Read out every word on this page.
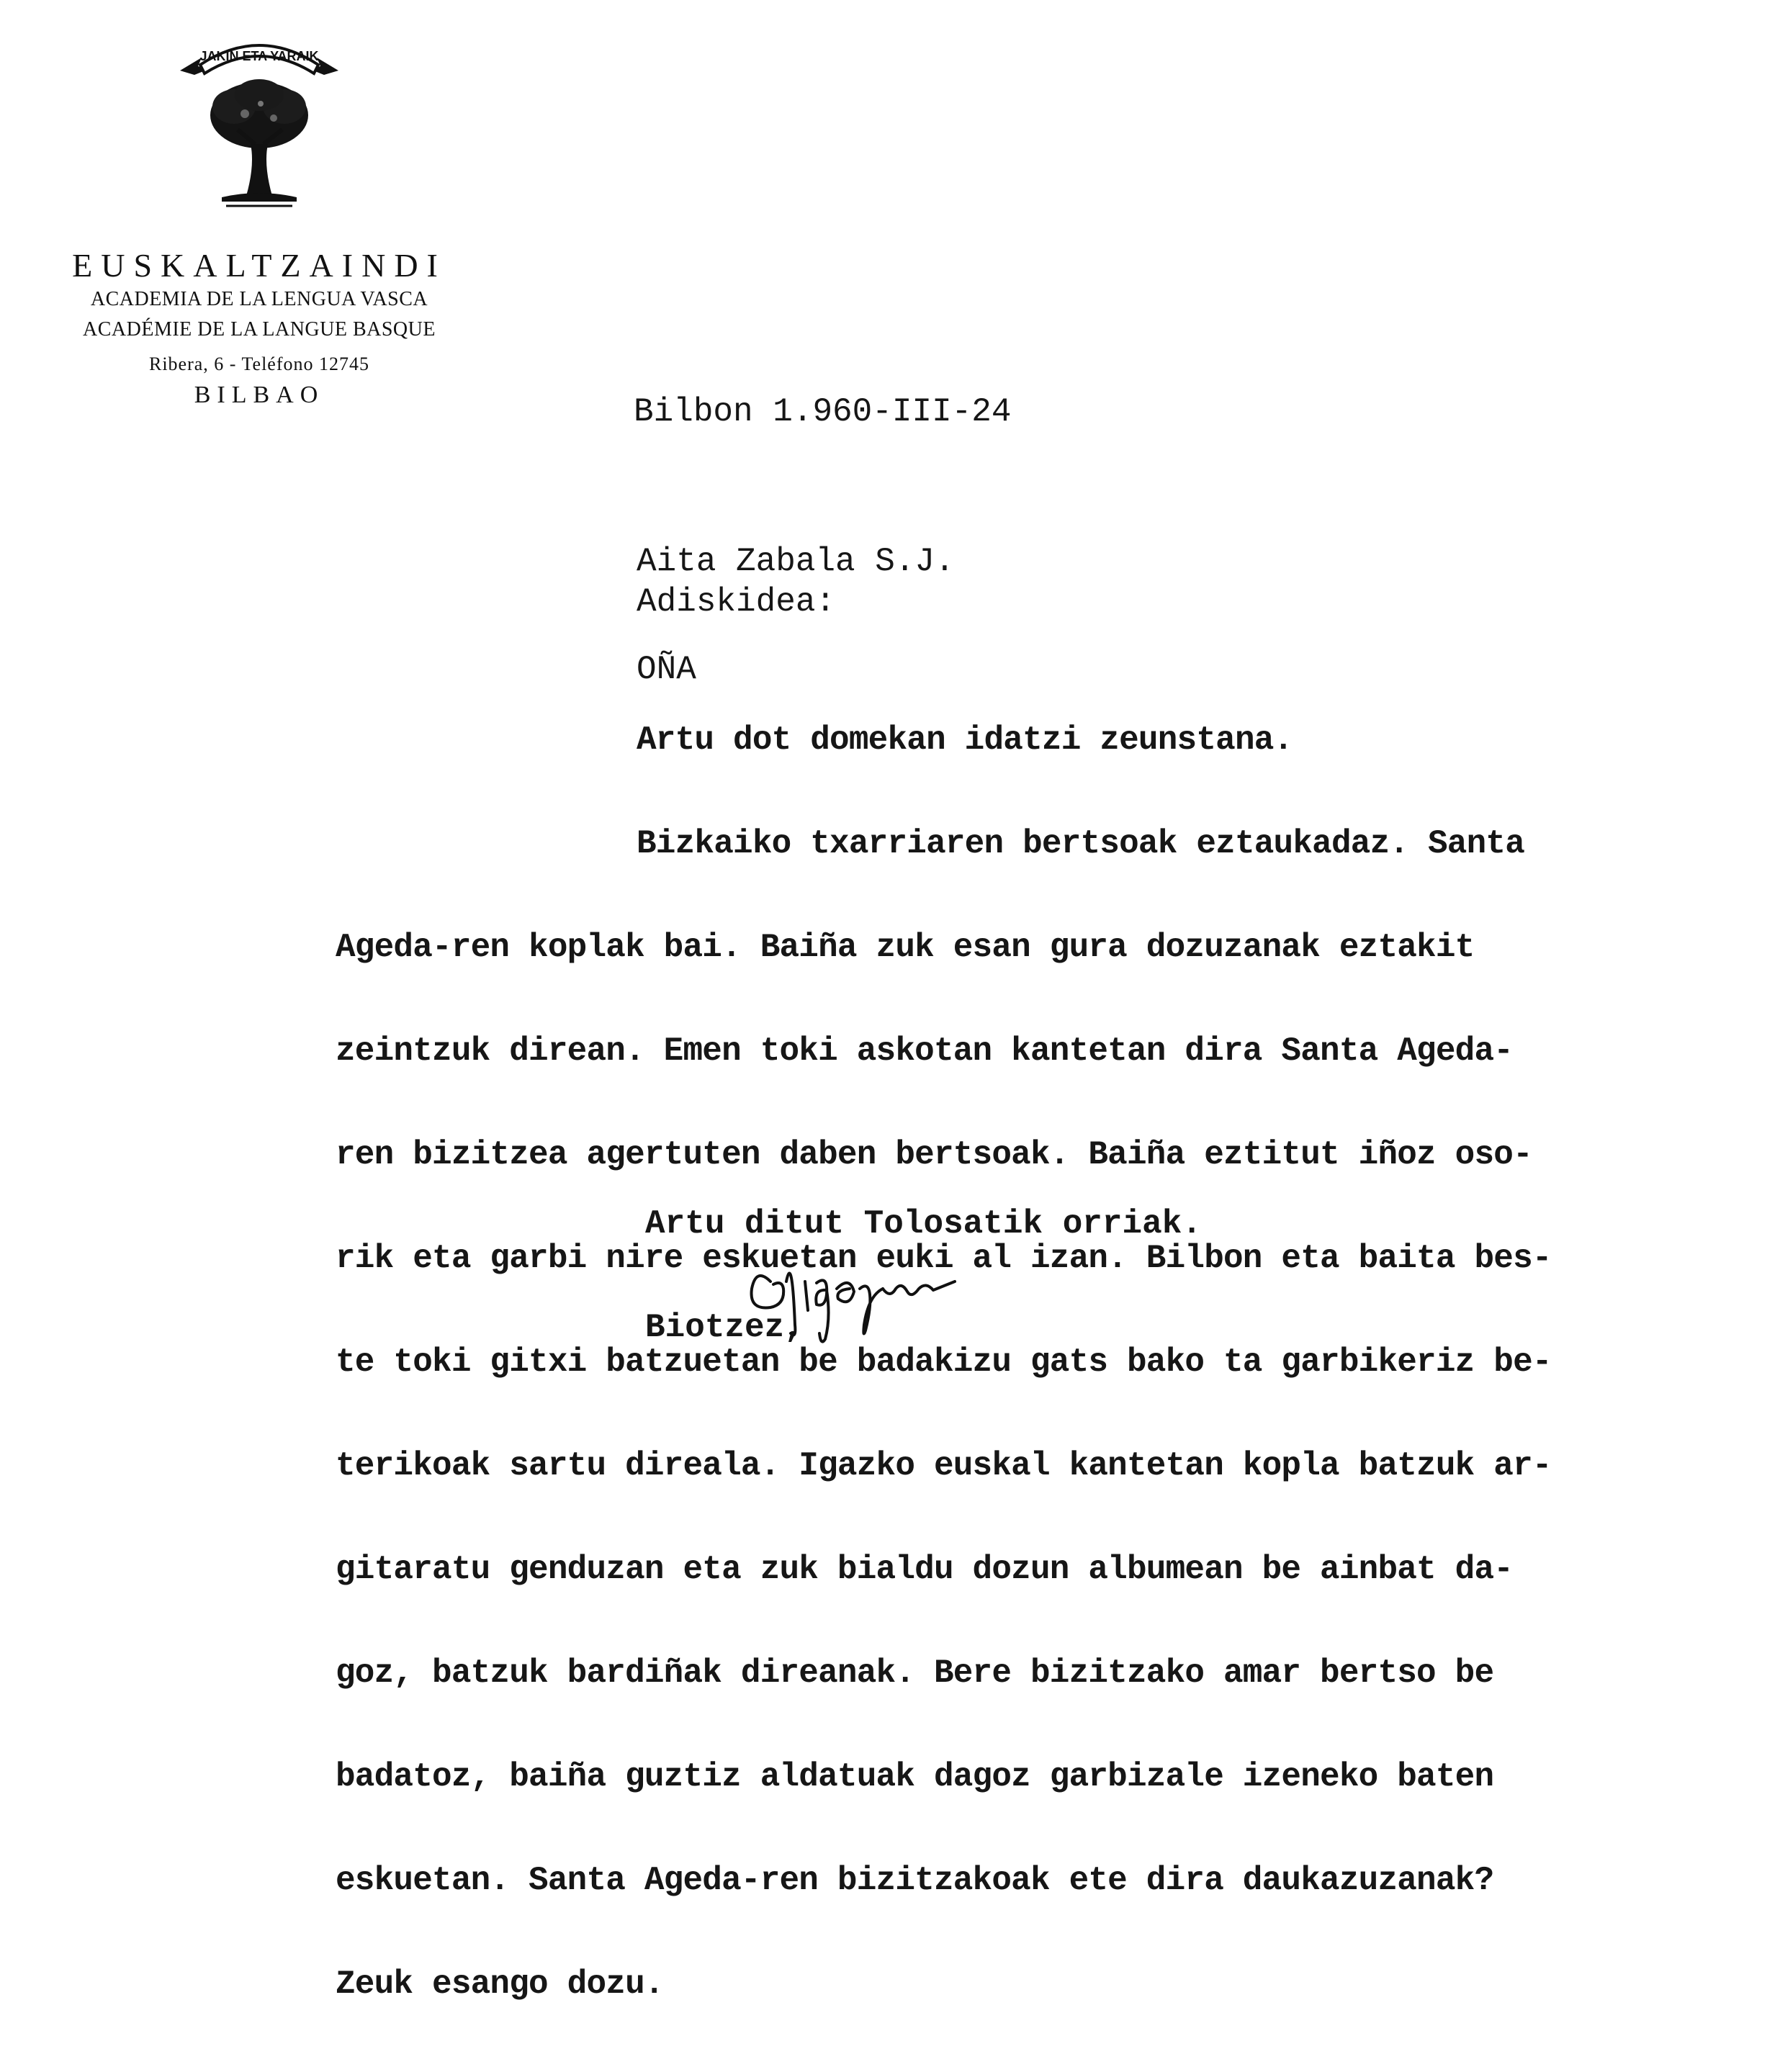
JAKIN ETA YARAIK
EUSKALTZAINDI
ACADEMIA DE LA LENGUA VASCA
ACADÉMIE DE LA LANGUE BASQUE
Ribera, 6 - Teléfono 12745
BILBAO

	Bilbon 1.960-III-24

Aita Zabala S.J.

OÑA

Adiskidea:

Artu dot domekan idatzi zeunstana.

Bizkaiko txarriaren bertsoak eztaukadaz. Santa

Ageda-ren koplak bai. Baiña zuk esan gura dozuzanak eztakit

zeintzuk direan. Emen toki askotan kantetan dira Santa Ageda-

ren bizitzea agertuten daben bertsoak. Baiña eztitut iñoz oso-

rik eta garbi nire eskuetan euki al izan. Bilbon eta baita bes-

te toki gitxi batzuetan be badakizu gats bako ta garbikeriz be-

terikoak sartu direala. Igazko euskal kantetan kopla batzuk ar-

gitaratu genduzan eta zuk bialdu dozun albumean be ainbat da-

goz, batzuk bardiñak direanak. Bere bizitzako amar bertso be

badatoz, baiña guztiz aldatuak dagoz garbizale izeneko baten

eskuetan. Santa Ageda-ren bizitzakoak ete dira daukazuzanak?

Zeuk esango dozu.

Artu ditut Tolosatik orriak.

Biotzez,
